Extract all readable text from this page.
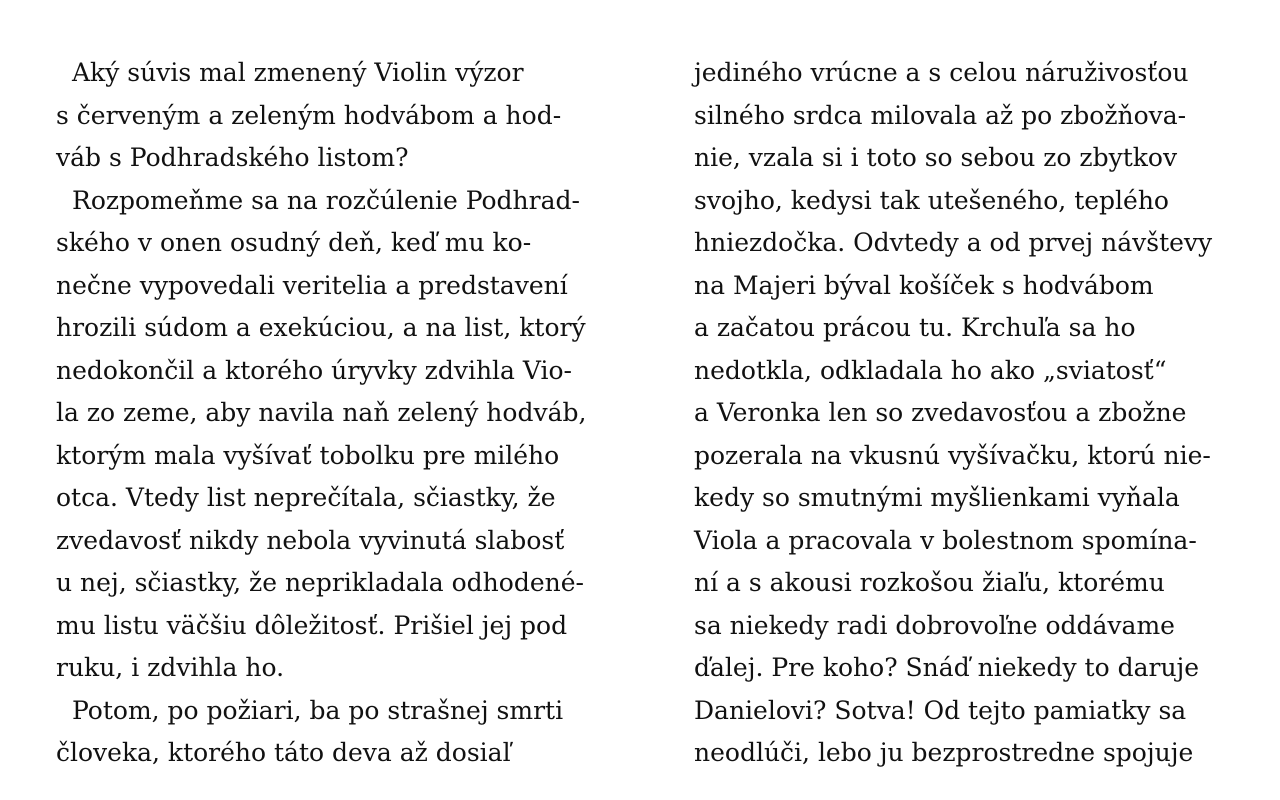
Aký súvis mal zmenený Violin výzor
s červeným a zeleným hodvábom a hod-
váb s Podhradského listom?
Rozpomeňme sa na rozčúlenie Podhrad-
ského v onen osudný deň, keď mu ko-
nečne vypovedali veritelia a predstavení
hrozili súdom a exekúciou, a na list, ktorý
nedokončil a ktorého úryvky zdvihla Vio-
la zo zeme, aby navila naň zelený hodváb,
ktorým mala vyšívať tobolku pre milého
otca. Vtedy list neprečítala, sčiastky, že
zvedavosť nikdy nebola vyvinutá slabosť
u nej, sčiastky, že neprikladala odhodené-
mu listu väčšiu dôležitosť. Prišiel jej pod
ruku, i zdvihla ho.
Potom, po požiari, ba po strašnej smrti
človeka, ktorého táto deva až dosiaľ
jediného vrúcne a s celou náruživosťou
silného srdca milovala až po zbožňova-
nie, vzala si i toto so sebou zo zbytkov
svojho, kedysi tak utešeného, teplého
hniezdočka. Odvtedy a od prvej návštevy
na Majeri býval košíček s hodvábom
a začatou prácou tu. Krchuľa sa ho
nedotkla, odkladala ho ako „sviatosť“
a Veronka len so zvedavosťou a zbožne
pozerala na vkusnú vyšívačku, ktorú nie-
kedy so smutnými myšlienkami vyňala
Viola a pracovala v bolestnom spomína-
ní a s akousi rozkošou žiaľu, ktorému
sa niekedy radi dobrovoľne oddávame
ďalej. Pre koho? Snáď niekedy to daruje
Danielovi? Sotva! Od tejto pamiatky sa
neodlúči, lebo ju bezprostredne spojuje
